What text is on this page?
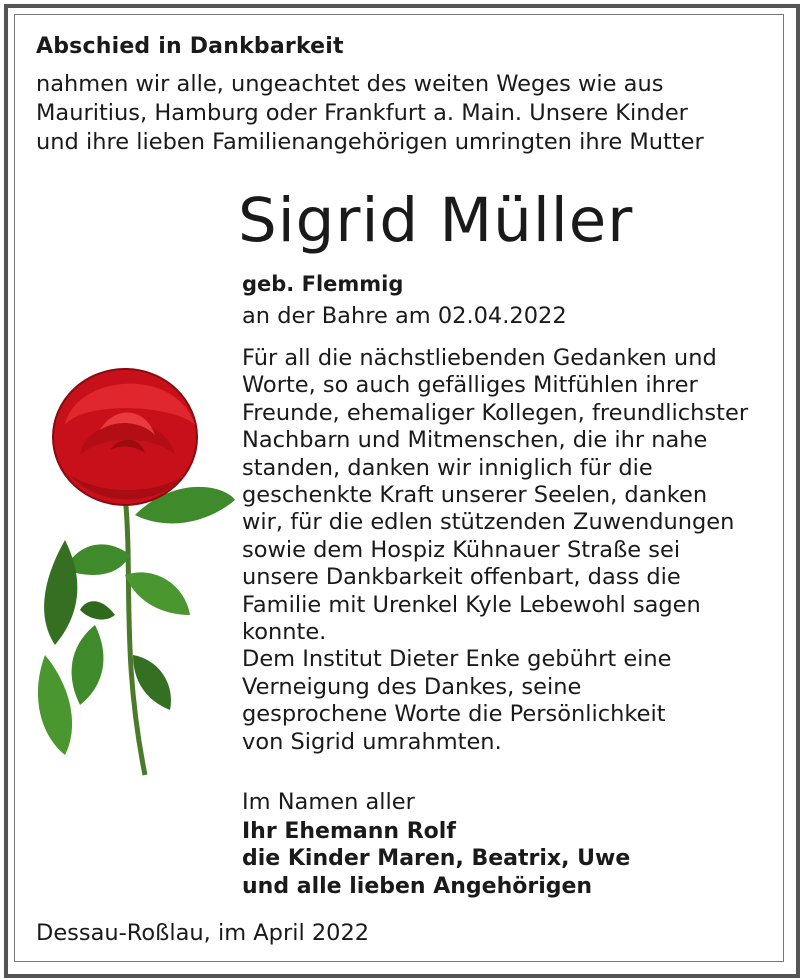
Abschied in Dankbarkeit
nahmen wir alle, ungeachtet des weiten Weges wie aus
Mauritius, Hamburg oder Frankfurt a. Main. Unsere Kinder
und ihre lieben Familienangehörigen umringten ihre Mutter
Sigrid Müller
geb. Flemmig
an der Bahre am 02.04.2022
Für all die nächstliebenden Gedanken und
Worte, so auch gefälliges Mitfühlen ihrer
Freunde, ehemaliger Kollegen, freundlichster
Nachbarn und Mitmenschen, die ihr nahe
standen, danken wir inniglich für die
geschenkte Kraft unserer Seelen, danken
wir, für die edlen stützenden Zuwendungen
sowie dem Hospiz Kühnauer Straße sei
unsere Dankbarkeit offenbart, dass die
Familie mit Urenkel Kyle Lebewohl sagen
konnte.
Dem Institut Dieter Enke gebührt eine
Verneigung des Dankes, seine
gesprochene Worte die Persönlichkeit
von Sigrid umrahmten.
Im Namen aller
Ihr Ehemann Rolf
die Kinder Maren, Beatrix, Uwe
und alle lieben Angehörigen
Dessau-Roßlau, im April 2022
